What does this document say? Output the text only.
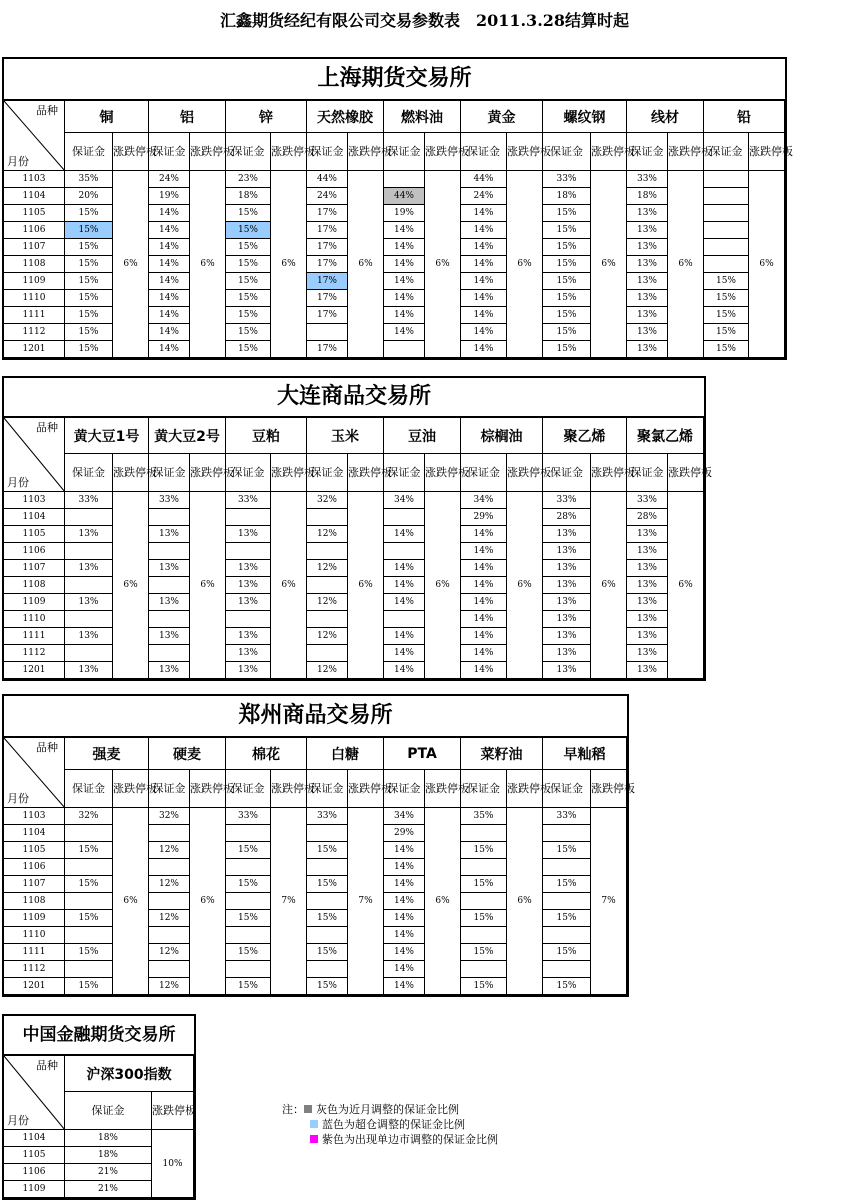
汇鑫期货经纪有限公司交易参数表　2011.3.28结算时起
上海期货交易所
品种
月份	铜		铝		锌		天然橡胶		燃料油		黄金		螺纹钢		线材		铅	
	保证金	涨跌停板	保证金	涨跌停板	保证金	涨跌停板	保证金	涨跌停板	保证金	涨跌停板	保证金	涨跌停板	保证金	涨跌停板	保证金	涨跌停板	保证金	涨跌停板
1103	35%	6%	24%	6%	23%	6%	44%	6%		6%	44%	6%	33%	6%	33%	6%		6%
1104	20%		19%		18%		24%		44%		24%		18%		18%			
1105	15%		14%		15%		17%		19%		14%		15%		13%			
1106	15%		14%		15%		17%		14%		14%		15%		13%			
1107	15%		14%		15%		17%		14%		14%		15%		13%			
1108	15%		14%		15%		17%		14%		14%		15%		13%			
1109	15%		14%		15%		17%		14%		14%		15%		13%		15%	
1110	15%		14%		15%		17%		14%		14%		15%		13%		15%	
1111	15%		14%		15%		17%		14%		14%		15%		13%		15%	
1112	15%		14%		15%				14%		14%		15%		13%		15%	
1201	15%		14%		15%		17%				14%		15%		13%		15%	
大连商品交易所
品种
月份	黄大豆1号		黄大豆2号		豆粕		玉米		豆油		棕榈油		聚乙烯		聚氯乙烯	
	保证金	涨跌停板	保证金	涨跌停板	保证金	涨跌停板	保证金	涨跌停板	保证金	涨跌停板	保证金	涨跌停板	保证金	涨跌停板	保证金	涨跌停板
1103	33%	6%	33%	6%	33%	6%	32%	6%	34%	6%	34%	6%	33%	6%	33%	6%
1104											29%		28%		28%	
1105	13%		13%		13%		12%		14%		14%		13%		13%	
1106											14%		13%		13%	
1107	13%		13%		13%		12%		14%		14%		13%		13%	
1108					13%				14%		14%		13%		13%	
1109	13%		13%		13%		12%		14%		14%		13%		13%	
1110											14%		13%		13%	
1111	13%		13%		13%		12%		14%		14%		13%		13%	
1112					13%				14%		14%		13%		13%	
1201	13%		13%		13%		12%		14%		14%		13%		13%	
郑州商品交易所
品种
月份	强麦		硬麦		棉花		白糖		PTA		菜籽油		早籼稻	
	保证金	涨跌停板	保证金	涨跌停板	保证金	涨跌停板	保证金	涨跌停板	保证金	涨跌停板	保证金	涨跌停板	保证金	涨跌停板
1103	32%	6%	32%	6%	33%	7%	33%	7%	34%	6%	35%	6%	33%	7%
1104									29%					
1105	15%		12%		15%		15%		14%		15%		15%	
1106									14%					
1107	15%		12%		15%		15%		14%		15%		15%	
1108									14%					
1109	15%		12%		15%		15%		14%		15%		15%	
1110									14%					
1111	15%		12%		15%		15%		14%		15%		15%	
1112									14%					
1201	15%		12%		15%		15%		14%		15%		15%	
中国金融期货交易所
品种
月份	沪深300指数	
	保证金	涨跌停板
1104	18%	10%
1105	18%	
1106	21%	
1109	21%	
注： 灰色为近月调整的保证金比例
蓝色为超仓调整的保证金比例
紫色为出现单边市调整的保证金比例
